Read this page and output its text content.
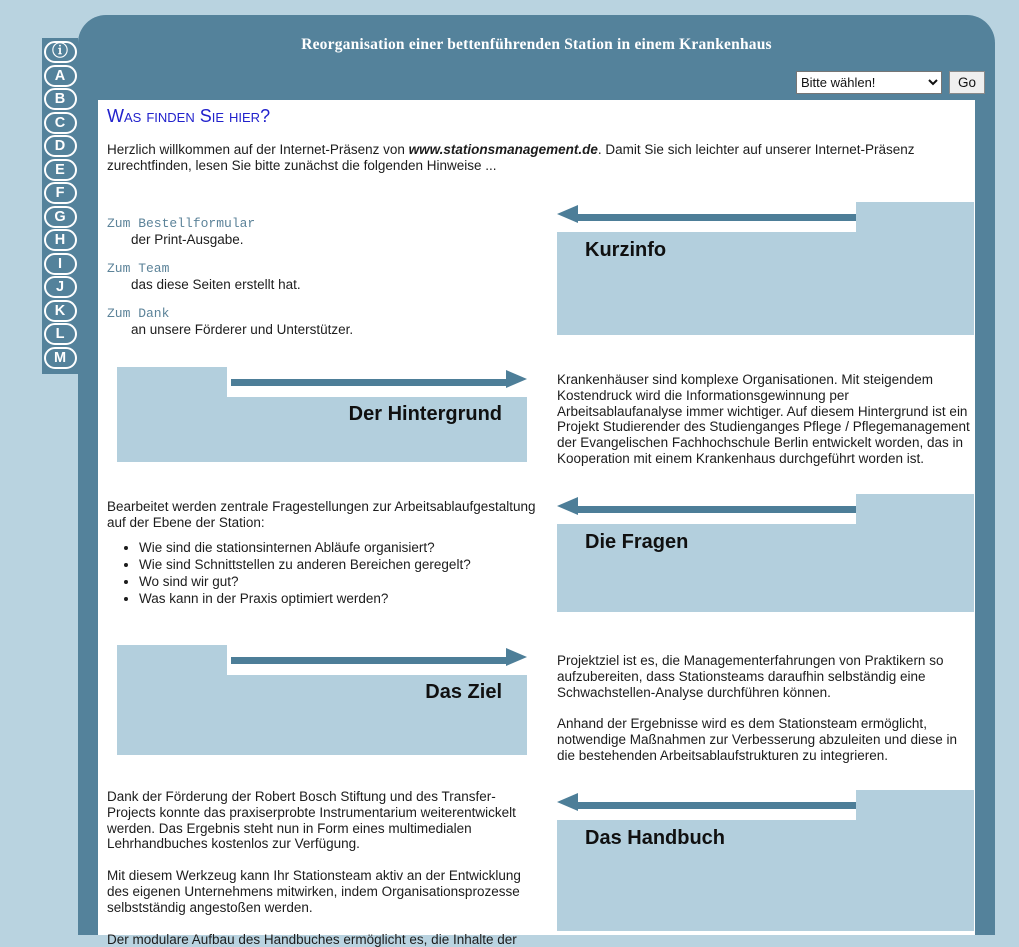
Reorganisation einer bettenführenden Station in einem Krankenhaus
Bitte wählen!
Go
Was finden Sie hier?

Herzlich willkommen auf der Internet-Präsenz von www.stationsmanagement.de. Damit Sie sich leichter auf unserer Internet-Präsenz zurechtfinden, lesen Sie bitte zunächst die folgenden Hinweise ...

Zum Bestellformular
der Print-Ausgabe.
Zum Team
das diese Seiten erstellt hat.
Zum Dank
an unsere Förderer und Unterstützer.
Kurzinfo
Der Hintergrund

Krankenhäuser sind komplexe Organisationen. Mit steigendem Kostendruck wird die Informationsgewinnung per Arbeitsablaufanalyse immer wichtiger. Auf diesem Hintergrund ist ein Projekt Studierender des Studienganges Pflege / Pflegemanagement der Evangelischen Fachhochschule Berlin entwickelt worden, das in Kooperation mit einem Krankenhaus durchgeführt worden ist.

Bearbeitet werden zentrale Fragestellungen zur Arbeitsablaufgestaltung auf der Ebene der Station:

• Wie sind die stationsinternen Abläufe organisiert?
• Wie sind Schnittstellen zu anderen Bereichen geregelt?
• Wo sind wir gut?
• Was kann in der Praxis optimiert werden?
Die Fragen
Das Ziel

Projektziel ist es, die Managementerfahrungen von Praktikern so aufzubereiten, dass Stationsteams daraufhin selbständig eine Schwachstellen-Analyse durchführen können.

Anhand der Ergebnisse wird es dem Stationsteam ermöglicht, notwendige Maßnahmen zur Verbesserung abzuleiten und diese in die bestehenden Arbeitsablaufstrukturen zu integrieren.

Dank der Förderung der Robert Bosch Stiftung und des Transfer-Projects konnte das praxiserprobte Instrumentarium weiterentwickelt werden. Das Ergebnis steht nun in Form eines multimedialen Lehrhandbuches kostenlos zur Verfügung.

Mit diesem Werkzeug kann Ihr Stationsteam aktiv an der Entwicklung des eigenen Unternehmens mitwirken, indem Organisationsprozesse selbstständig angestoßen werden.

Der modulare Aufbau des Handbuches ermöglicht es, die Inhalte der

Das Handbuch
ⓘ
A
B
C
D
E
F
G
H
I
J
K
L
M
